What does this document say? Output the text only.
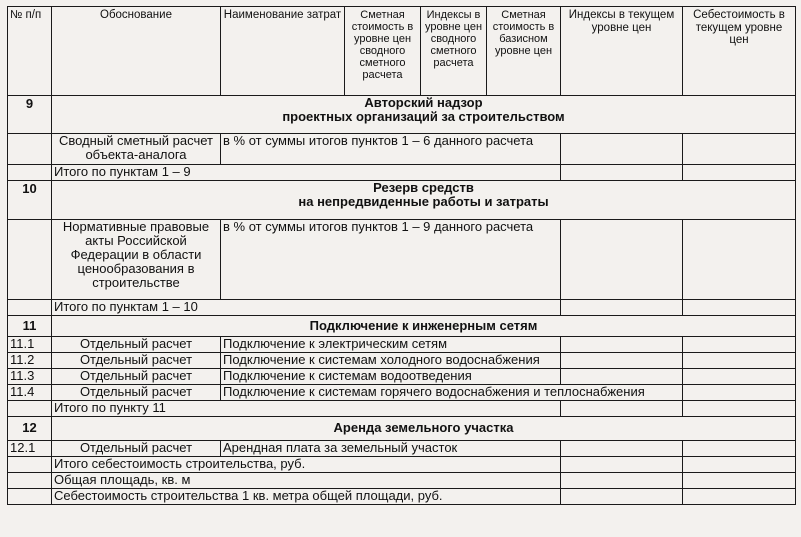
№ п/п	Обоснование	Наименование затрат	Сметная стоимость в уровне цен сводного сметного расчета	Индексы в уровне цен сводного сметного расчета	Сметная стоимость в базисном уровне цен	Индексы в текущем уровне цен	Себестоимость в текущем уровне цен
9	Авторский надзор
проектных организаций за строительством						

	Сводный сметный расчет объекта-аналога	в % от суммы итогов пунктов 1 – 6 данного расчета					
	Итого по пунктам 1 – 9						
10	Резерв средств
на непредвиденные работы и затраты						

	Нормативные правовые акты Российской Федерации в области ценообразования в строительстве	в % от суммы итогов пунктов 1 – 9 данного расчета					
	Итого по пунктам 1 – 10						
11	Подключение к инженерным сетям						
11.1	Отдельный расчет	Подключение к электрическим сетям					
11.2	Отдельный расчет	Подключение к системам холодного водоснабжения					
11.3	Отдельный расчет	Подключение к системам водоотведения					
11.4	Отдельный расчет	Подключение к системам горячего водоснабжения и теплоснабжения					
	Итого по пункту 11						
12	Аренда земельного участка						
12.1	Отдельный расчет	Арендная плата за земельный участок					
	Итого себестоимость строительства, руб.						
	Общая площадь, кв. м						
	Себестоимость строительства 1 кв. метра общей площади, руб.						
